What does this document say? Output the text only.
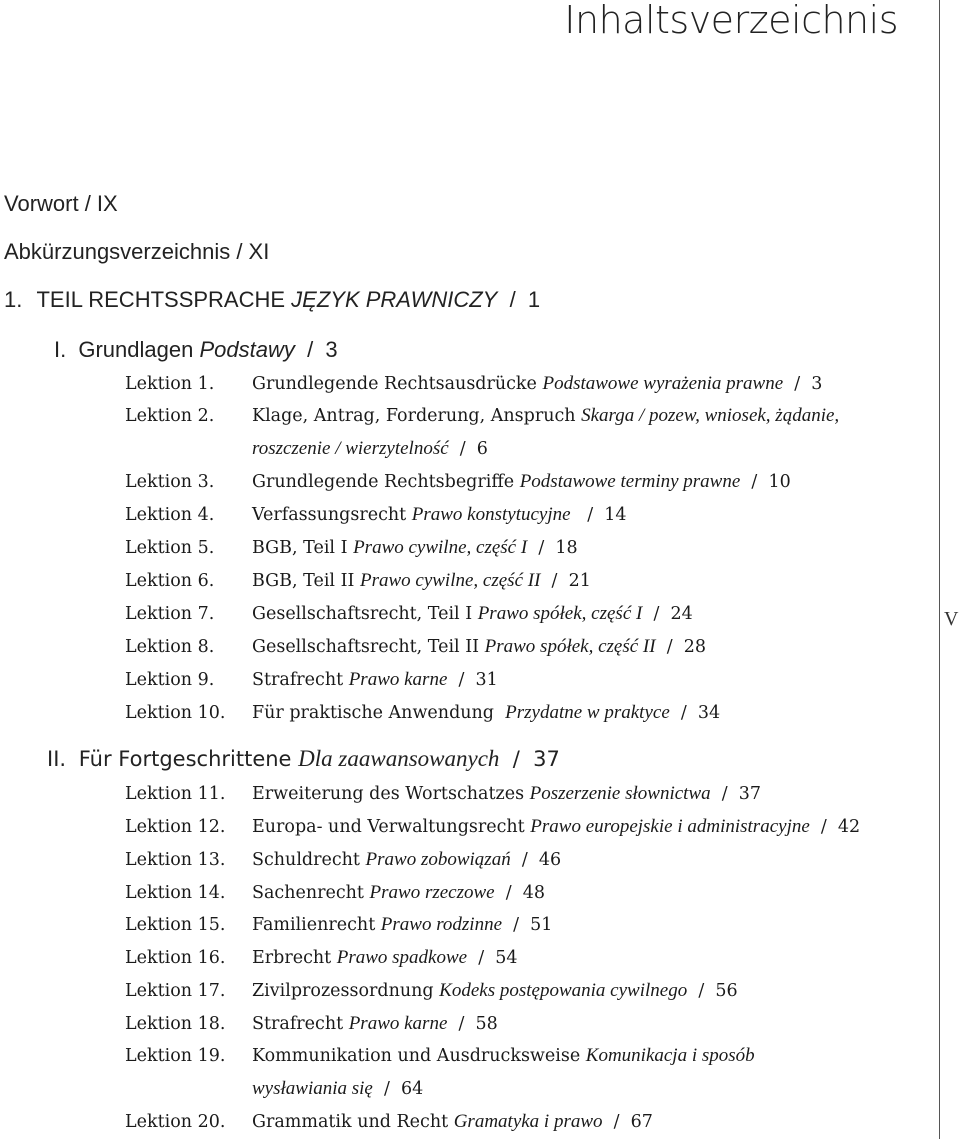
Inhaltsverzeichnis
V
Vorwort / IX
Abkürzungsverzeichnis / XI
1. TEIL RECHTSSPRACHE JĘZYK PRAWNICZY  /  1
I. Grundlagen Podstawy  /  3
Lektion 1. Grundlegende Rechtsausdrücke Podstawowe wyrażenia prawne  /  3
Lektion 2. Klage, Antrag, Forderung, Anspruch Skarga / pozew, wniosek, żądanie,
roszczenie / wierzytelność  /  6
Lektion 3. Grundlegende Rechtsbegriffe Podstawowe terminy prawne  /  10
Lektion 4. Verfassungsrecht Prawo konstytucyjne   /  14
Lektion 5. BGB, Teil I Prawo cywilne, część I  /  18
Lektion 6. BGB, Teil II Prawo cywilne, część II  /  21
Lektion 7. Gesellschaftsrecht, Teil I Prawo spółek, część I  /  24
Lektion 8. Gesellschaftsrecht, Teil II Prawo spółek, część II  /  28
Lektion 9. Strafrecht Prawo karne  /  31
Lektion 10. Für praktische Anwendung  Przydatne w praktyce  /  34
II. Für Fortgeschrittene Dla zaawansowanych  /  37
Lektion 11. Erweiterung des Wortschatzes Poszerzenie słownictwa  /  37
Lektion 12. Europa- und Verwaltungsrecht Prawo europejskie i administracyjne  /  42
Lektion 13. Schuldrecht Prawo zobowiązań  /  46
Lektion 14. Sachenrecht Prawo rzeczowe  /  48
Lektion 15. Familienrecht Prawo rodzinne  /  51
Lektion 16. Erbrecht Prawo spadkowe  /  54
Lektion 17. Zivilprozessordnung Kodeks postępowania cywilnego  /  56
Lektion 18. Strafrecht Prawo karne  /  58
Lektion 19. Kommunikation und Ausdrucksweise Komunikacja i sposób
wysławiania się  /  64
Lektion 20. Grammatik und Recht Gramatyka i prawo  /  67
